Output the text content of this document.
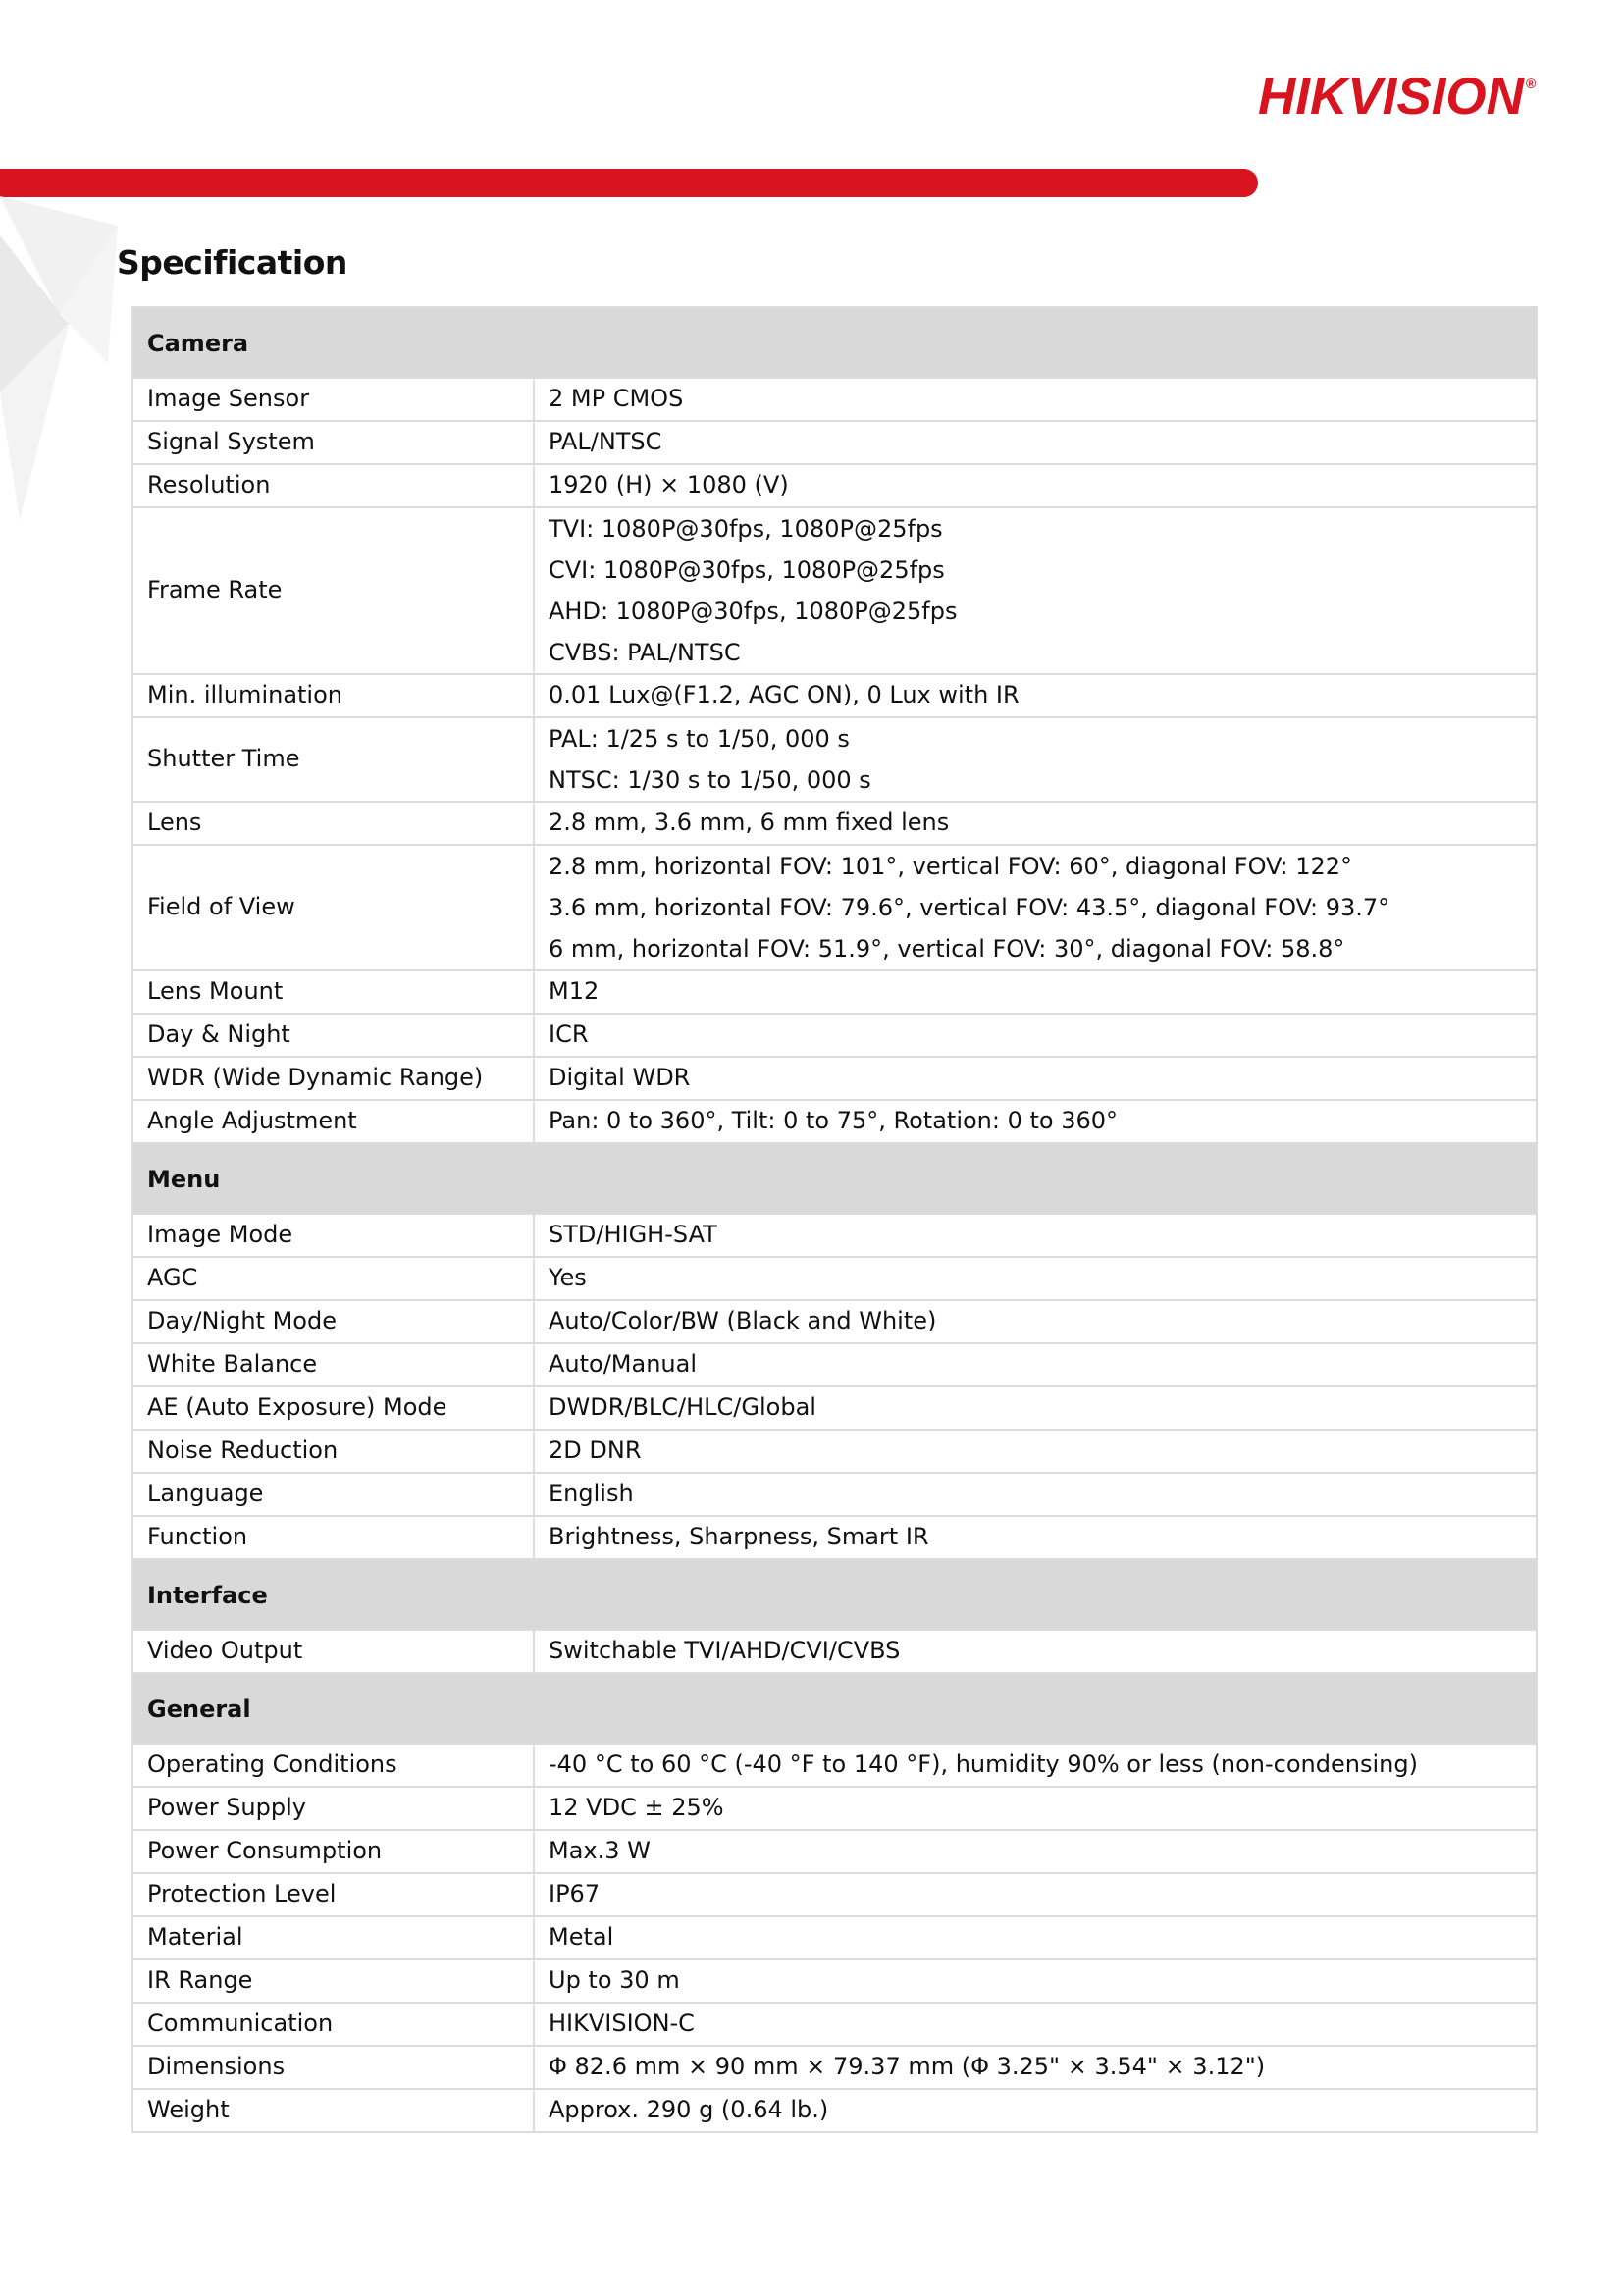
HIKVISION ®
Specification
Camera	
Image Sensor	2 MP CMOS
Signal System	PAL/NTSC
Resolution	1920 (H) × 1080 (V)
Frame Rate	TVI: 1080P@30fps, 1080P@25fps
CVI: 1080P@30fps, 1080P@25fps
AHD: 1080P@30fps, 1080P@25fps
CVBS: PAL/NTSC

Min. illumination	0.01 Lux@(F1.2, AGC ON), 0 Lux with IR
Shutter Time	PAL: 1/25 s to 1/50, 000 s
NTSC: 1/30 s to 1/50, 000 s

Lens	2.8 mm, 3.6 mm, 6 mm fixed lens
Field of View	2.8 mm, horizontal FOV: 101°, vertical FOV: 60°, diagonal FOV: 122°
3.6 mm, horizontal FOV: 79.6°, vertical FOV: 43.5°, diagonal FOV: 93.7°
6 mm, horizontal FOV: 51.9°, vertical FOV: 30°, diagonal FOV: 58.8°

Lens Mount	M12
Day & Night	ICR
WDR (Wide Dynamic Range)	Digital WDR
Angle Adjustment	Pan: 0 to 360°, Tilt: 0 to 75°, Rotation: 0 to 360°
Menu	
Image Mode	STD/HIGH-SAT
AGC	Yes
Day/Night Mode	Auto/Color/BW (Black and White)
White Balance	Auto/Manual
AE (Auto Exposure) Mode	DWDR/BLC/HLC/Global
Noise Reduction	2D DNR
Language	English
Function	Brightness, Sharpness, Smart IR
Interface	
Video Output	Switchable TVI/AHD/CVI/CVBS
General	
Operating Conditions	-40 °C to 60 °C (-40 °F to 140 °F), humidity 90% or less (non-condensing)
Power Supply	12 VDC ± 25%
Power Consumption	Max.3 W
Protection Level	IP67
Material	Metal
IR Range	Up to 30 m
Communication	HIKVISION-C
Dimensions	Φ 82.6 mm × 90 mm × 79.37 mm (Φ 3.25" × 3.54" × 3.12")
Weight	Approx. 290 g (0.64 lb.)
